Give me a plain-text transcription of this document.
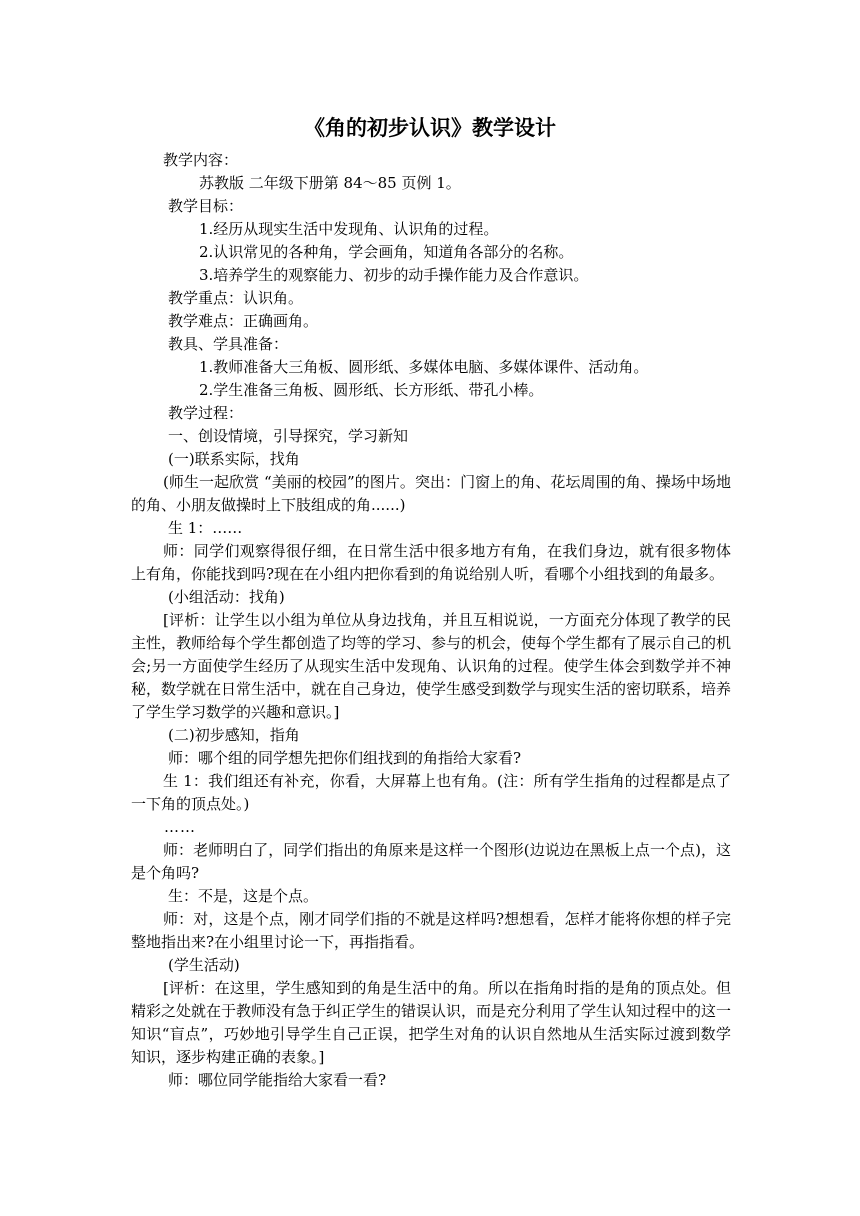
《角的初步认识》教学设计

教学内容：

苏教版 二年级下册第 84～85 页例 1。

教学目标：

1.经历从现实生活中发现角、认识角的过程。

2.认识常见的各种角，学会画角，知道角各部分的名称。

3.培养学生的观察能力、初步的动手操作能力及合作意识。

教学重点：认识角。

教学难点：正确画角。

教具、学具准备：

1.教师准备大三角板、圆形纸、多媒体电脑、多媒体课件、活动角。

2.学生准备三角板、圆形纸、长方形纸、带孔小棒。

教学过程：

一、创设情境，引导探究，学习新知

(一)联系实际，找角

(师生一起欣赏 “美丽的校园”的图片。突出：门窗上的角、花坛周围的角、操场中场地的角、小朋友做操时上下肢组成的角......)

生 1：……

师：同学们观察得很仔细，在日常生活中很多地方有角，在我们身边，就有很多物体上有角，你能找到吗?现在在小组内把你看到的角说给别人听，看哪个小组找到的角最多。

(小组活动：找角)

[评析：让学生以小组为单位从身边找角，并且互相说说，一方面充分体现了教学的民主性，教师给每个学生都创造了均等的学习、参与的机会，使每个学生都有了展示自己的机会;另一方面使学生经历了从现实生活中发现角、认识角的过程。使学生体会到数学并不神秘，数学就在日常生活中，就在自己身边，使学生感受到数学与现实生活的密切联系，培养了学生学习数学的兴趣和意识。]

(二)初步感知，指角

师：哪个组的同学想先把你们组找到的角指给大家看?

生 1：我们组还有补充，你看，大屏幕上也有角。(注：所有学生指角的过程都是点了一下角的顶点处。)

……

师：老师明白了，同学们指出的角原来是这样一个图形(边说边在黑板上点一个点)，这是个角吗?

生：不是，这是个点。

师：对，这是个点，刚才同学们指的不就是这样吗?想想看，怎样才能将你想的样子完整地指出来?在小组里讨论一下，再指指看。

(学生活动)

[评析：在这里，学生感知到的角是生活中的角。所以在指角时指的是角的顶点处。但精彩之处就在于教师没有急于纠正学生的错误认识，而是充分利用了学生认知过程中的这一知识“盲点”，巧妙地引导学生自己正误，把学生对角的认识自然地从生活实际过渡到数学知识，逐步构建正确的表象。]

师：哪位同学能指给大家看一看?
